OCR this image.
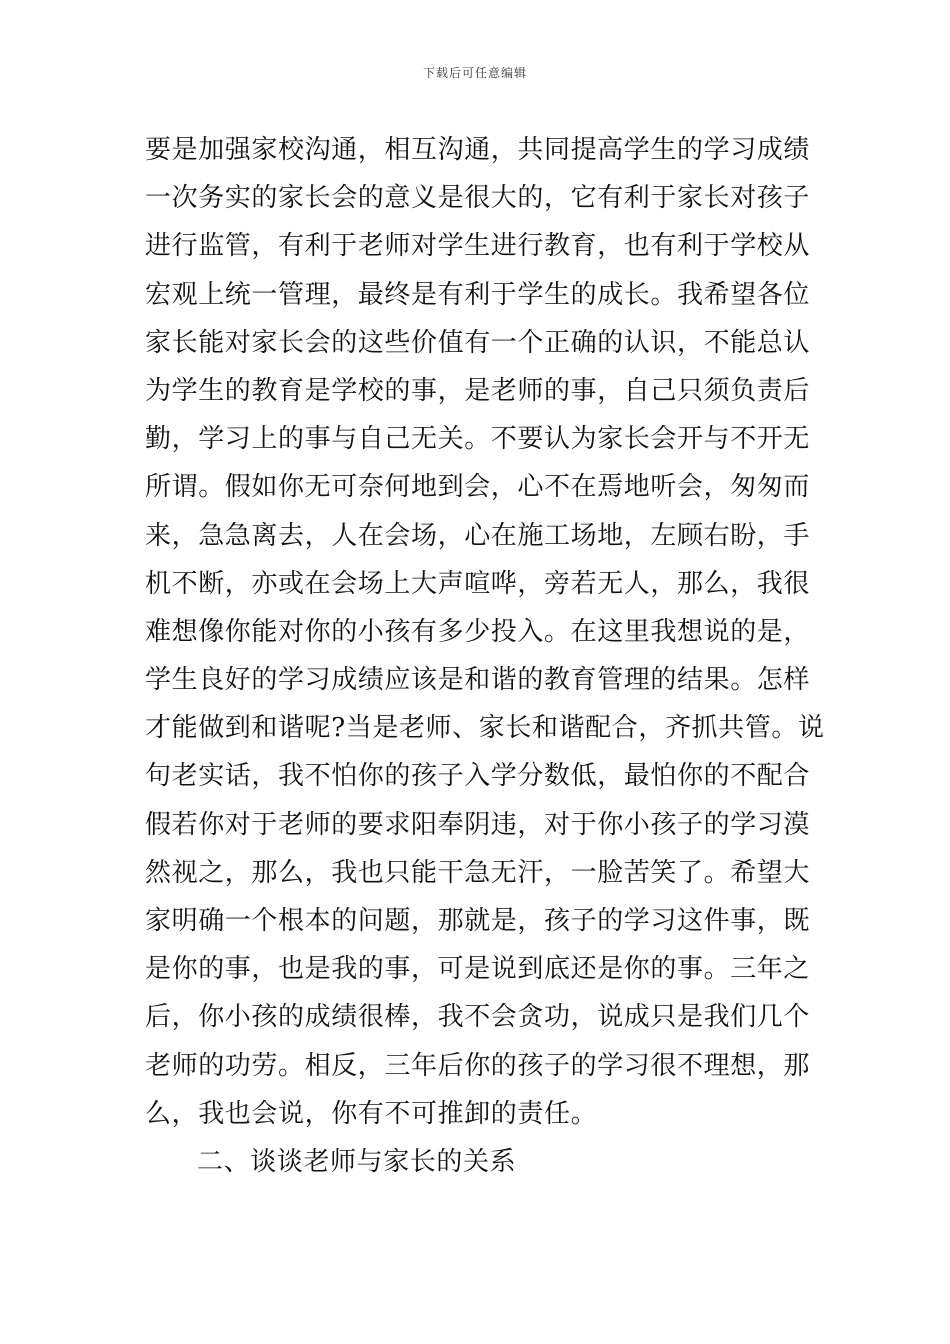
下载后可任意编辑
要是加强家校沟通，相互沟通，共同提高学生的学习成绩
一次务实的家长会的意义是很大的，它有利于家长对孩子
进行监管，有利于老师对学生进行教育，也有利于学校从
宏观上统一管理，最终是有利于学生的成长。我希望各位
家长能对家长会的这些价值有一个正确的认识，不能总认
为学生的教育是学校的事，是老师的事，自己只须负责后
勤，学习上的事与自己无关。不要认为家长会开与不开无
所谓。假如你无可奈何地到会，心不在焉地听会，匆匆而
来，急急离去，人在会场，心在施工场地，左顾右盼，手
机不断，亦或在会场上大声喧哗，旁若无人，那么，我很
难想像你能对你的小孩有多少投入。在这里我想说的是，
学生良好的学习成绩应该是和谐的教育管理的结果。怎样
才能做到和谐呢?当是老师、家长和谐配合，齐抓共管。说
句老实话，我不怕你的孩子入学分数低，最怕你的不配合
假若你对于老师的要求阳奉阴违，对于你小孩子的学习漠
然视之，那么，我也只能干急无汗，一脸苦笑了。希望大
家明确一个根本的问题，那就是，孩子的学习这件事，既
是你的事，也是我的事，可是说到底还是你的事。三年之
后，你小孩的成绩很棒，我不会贪功，说成只是我们几个
老师的功劳。相反，三年后你的孩子的学习很不理想，那
么，我也会说，你有不可推卸的责任。
二、谈谈老师与家长的关系
